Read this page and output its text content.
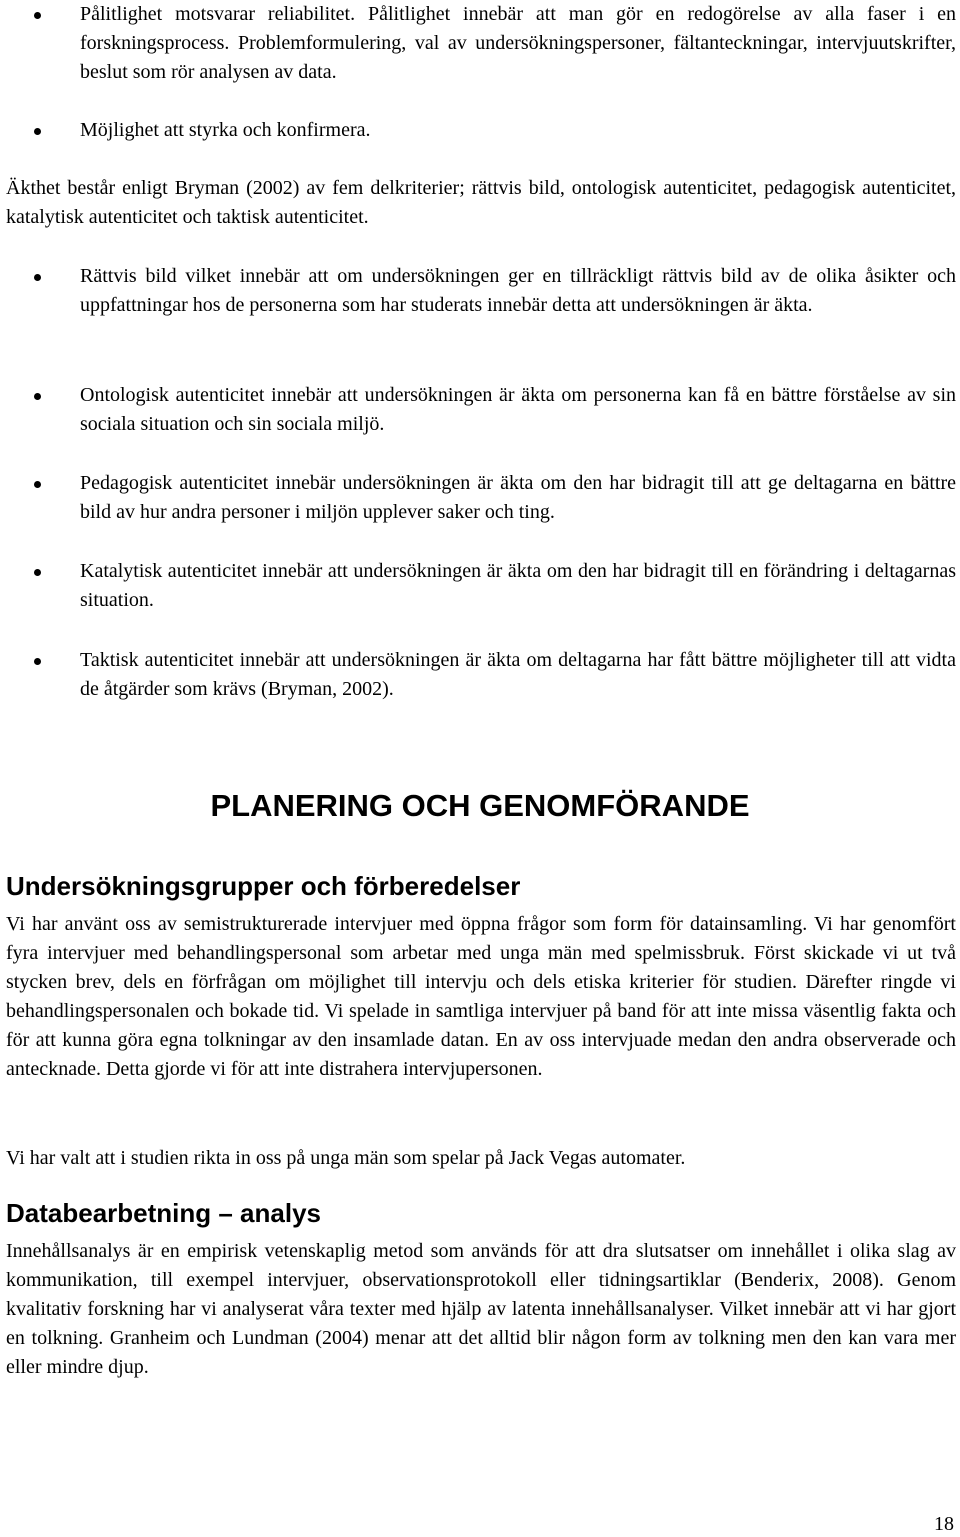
Pålitlighet motsvarar reliabilitet. Pålitlighet innebär att man gör en redogörelse av alla faser i en forskningsprocess. Problemformulering, val av undersökningspersoner, fältanteckningar, intervjuutskrifter, beslut som rör analysen av data.

Möjlighet att styrka och konfirmera.

Äkthet består enligt Bryman (2002) av fem delkriterier; rättvis bild, ontologisk autenticitet, pedagogisk autenticitet, katalytisk autenticitet och taktisk autenticitet.

Rättvis bild vilket innebär att om undersökningen ger en tillräckligt rättvis bild av de olika åsikter och uppfattningar hos de personerna som har studerats innebär detta att undersökningen är äkta.

Ontologisk autenticitet innebär att undersökningen är äkta om personerna kan få en bättre förståelse av sin sociala situation och sin sociala miljö.

Pedagogisk autenticitet innebär undersökningen är äkta om den har bidragit till att ge deltagarna en bättre bild av hur andra personer i miljön upplever saker och ting.

Katalytisk autenticitet innebär att undersökningen är äkta om den har bidragit till en förändring i deltagarnas situation.

Taktisk autenticitet innebär att undersökningen är äkta om deltagarna har fått bättre möjligheter till att vidta de åtgärder som krävs (Bryman, 2002).

PLANERING OCH GENOMFÖRANDE
Undersökningsgrupper och förberedelser

Vi har använt oss av semistrukturerade intervjuer med öppna frågor som form för datainsamling. Vi har genomfört fyra intervjuer med behandlingspersonal som arbetar med unga män med spelmissbruk. Först skickade vi ut två stycken brev, dels en förfrågan om möjlighet till intervju och dels etiska kriterier för studien. Därefter ringde vi behandlingspersonalen och bokade tid. Vi spelade in samtliga intervjuer på band för att inte missa väsentlig fakta och för att kunna göra egna tolkningar av den insamlade datan. En av oss intervjuade medan den andra observerade och antecknade. Detta gjorde vi för att inte distrahera intervjupersonen.

Vi har valt att i studien rikta in oss på unga män som spelar på Jack Vegas automater.

Databearbetning – analys

Innehållsanalys är en empirisk vetenskaplig metod som används för att dra slutsatser om innehållet i olika slag av kommunikation, till exempel intervjuer, observationsprotokoll eller tidningsartiklar (Benderix, 2008). Genom kvalitativ forskning har vi analyserat våra texter med hjälp av latenta innehållsanalyser. Vilket innebär att vi har gjort en tolkning. Granheim och Lundman (2004) menar att det alltid blir någon form av tolkning men den kan vara mer eller mindre djup.

18
